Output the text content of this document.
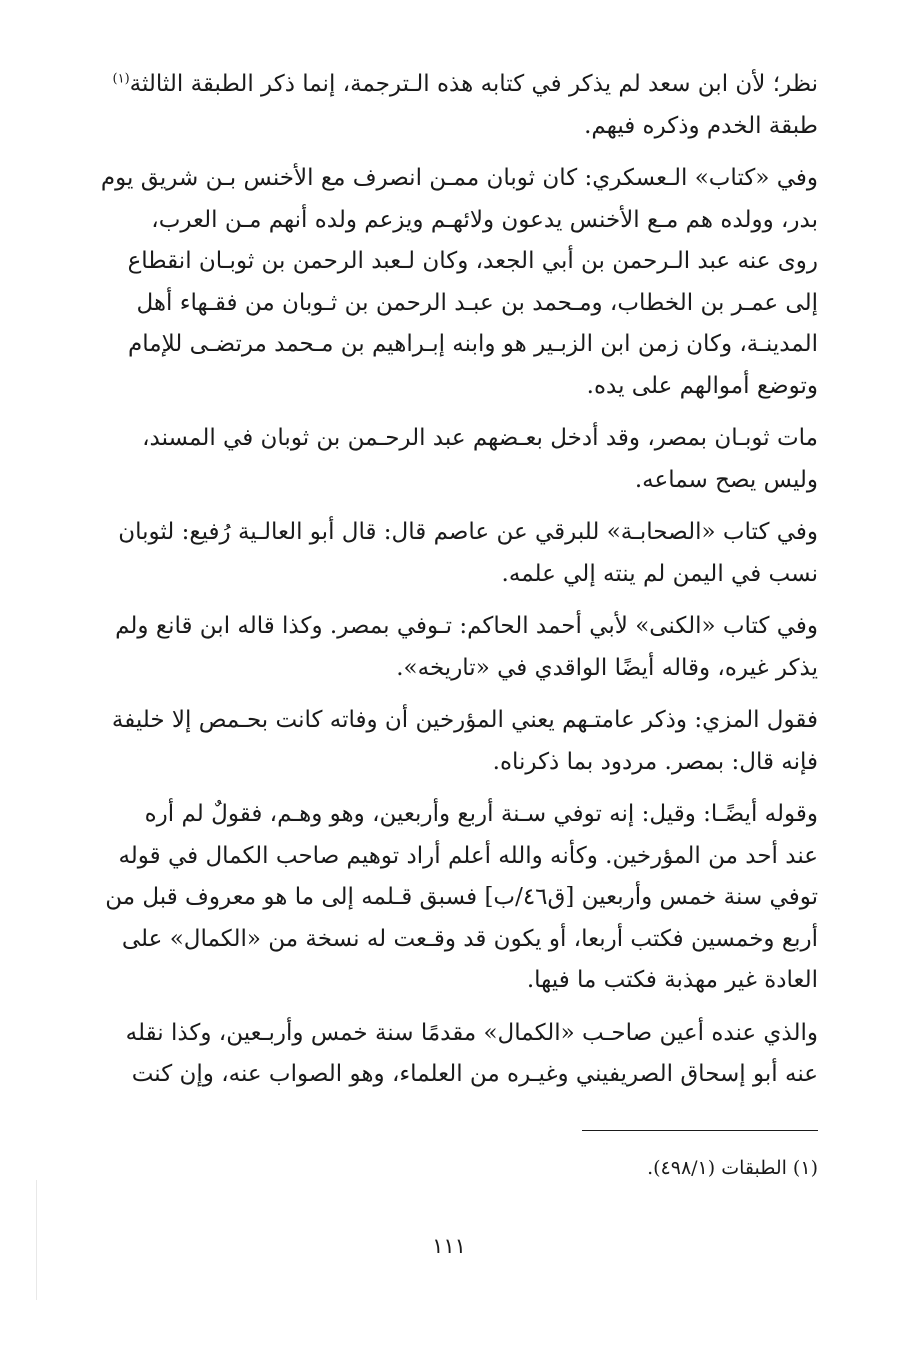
نظر؛ لأن ابن سعد لم يذكر في كتابه هذه الـترجمة، إنما ذكر الطبقة الثالثة$^{(١)}$
طبقة الخدم وذكره فيهم.

وفي «كتاب» الـعسكري: كان ثوبان ممـن انصرف مع الأخنس بـن شريق يوم
بدر، وولده هم مـع الأخنس يدعون ولائهـم ويزعم ولده أنهم مـن العرب،
روى عنه عبد الـرحمن بن أبي الجعد، وكان لـعبد الرحمن بن ثوبـان انقطاع
إلى عمـر بن الخطاب، ومـحمد بن عبـد الرحمن بن ثـوبان من فقـهاء أهل
المدينـة، وكان زمن ابن الزبـير هو وابنه إبـراهيم بن مـحمد مرتضـى للإمام
وتوضع أموالهم على يده.

مات ثوبـان بمصر، وقد أدخل بعـضهم عبد الرحـمن بن ثوبان في المسند،
وليس يصح سماعه.

وفي كتاب «الصحابـة» للبرقي عن عاصم قال: قال أبو العالـية رُفيع: لثوبان
نسب في اليمن لم ينته إلي علمه.

وفي كتاب «الكنى» لأبي أحمد الحاكم: تـوفي بمصر. وكذا قاله ابن قانع ولم
يذكر غيره، وقاله أيضًا الواقدي في «تاريخه».

فقول المزي: وذكر عامتـهم يعني المؤرخين أن وفاته كانت بحـمص إلا خليفة
فإنه قال: بمصر. مردود بما ذكرناه.

وقوله أيضًـا: وقيل: إنه توفي سـنة أربع وأربعين، وهو وهـم، فقولٌ لم أره
عند أحد من المؤرخين. وكأنه والله أعلم أراد توهيم صاحب الكمال في قوله
توفي سنة خمس وأربعين [ق٤٦/ب] فسبق قـلمه إلى ما هو معروف قبل من
أربع وخمسين فكتب أربعا، أو يكون قد وقـعت له نسخة من «الكمال» على
العادة غير مهذبة فكتب ما فيها.

والذي عنده أعين صاحـب «الكمال» مقدمًا سنة خمس وأربـعين، وكذا نقله
عنه أبو إسحاق الصريفيني وغيـره من العلماء، وهو الصواب عنه، وإن كنت

(١) الطبقات (٤٩٨/١).
١١١
